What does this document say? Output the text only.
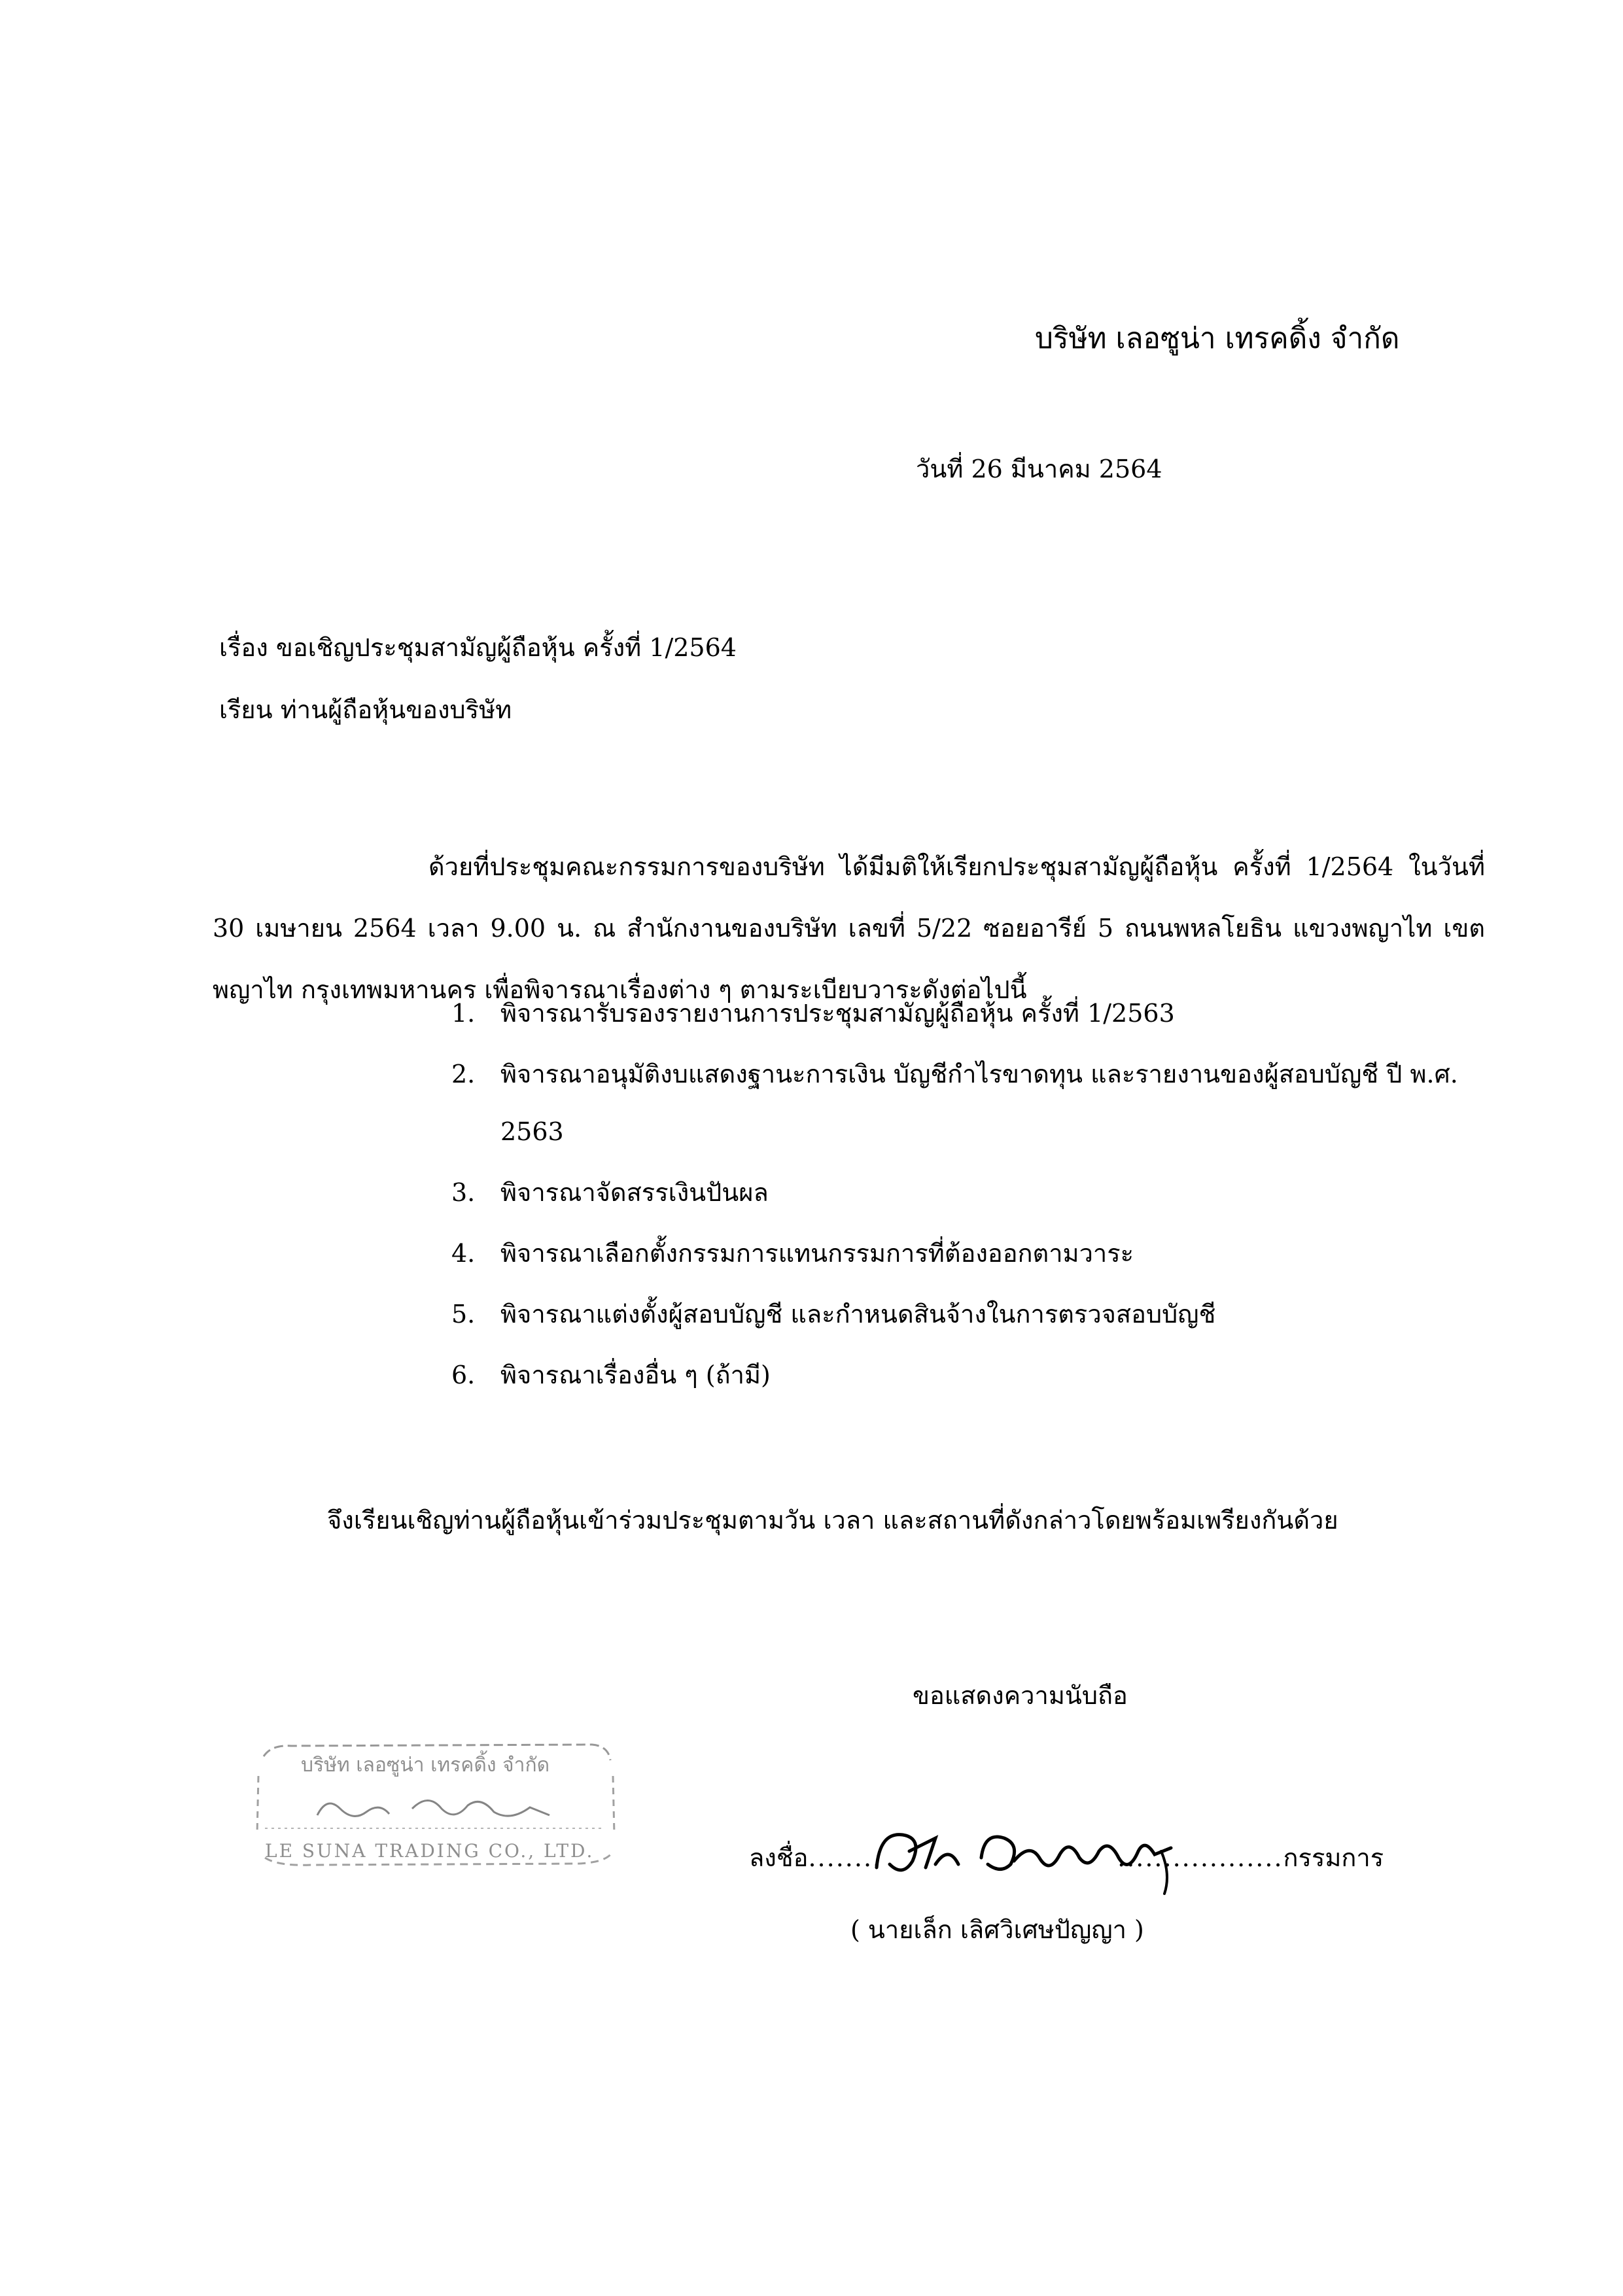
บริษัท เลอซูน่า เทรคดิ้ง จำกัด
วันที่ 26 มีนาคม 2564
เรื่อง ขอเชิญประชุมสามัญผู้ถือหุ้น ครั้งที่ 1/2564
เรียน ท่านผู้ถือหุ้นของบริษัท

ด้วยที่ประชุมคณะกรรมการของบริษัท ได้มีมติให้เรียกประชุมสามัญผู้ถือหุ้น ครั้งที่ 1/2564 ในวันที่ 30 เมษายน 2564 เวลา 9.00 น. ณ สำนักงานของบริษัท เลขที่ 5/22 ซอยอารีย์ 5 ถนนพหลโยธิน แขวงพญาไท เขตพญาไท กรุงเทพมหานคร เพื่อพิจารณาเรื่องต่าง ๆ ตามระเบียบวาระดังต่อไปนี้

1. พิจารณารับรองรายงานการประชุมสามัญผู้ถือหุ้น ครั้งที่ 1/2563
2. พิจารณาอนุมัติงบแสดงฐานะการเงิน บัญชีกำไรขาดทุน และรายงานของผู้สอบบัญชี ปี พ.ศ. 2563
3. พิจารณาจัดสรรเงินปันผล
4. พิจารณาเลือกตั้งกรรมการแทนกรรมการที่ต้องออกตามวาระ
5. พิจารณาแต่งตั้งผู้สอบบัญชี และกำหนดสินจ้างในการตรวจสอบบัญชี
6. พิจารณาเรื่องอื่น ๆ (ถ้ามี)
จึงเรียนเชิญท่านผู้ถือหุ้นเข้าร่วมประชุมตามวัน เวลา และสถานที่ดังกล่าวโดยพร้อมเพรียงกันด้วย
ขอแสดงความนับถือ
บริษัท เลอซูน่า เทรคดิ้ง จำกัด
LE SUNA TRADING CO., LTD.	ลงชื่อ........	..................กรรมการ
( นายเล็ก เลิศวิเศษปัญญา )
